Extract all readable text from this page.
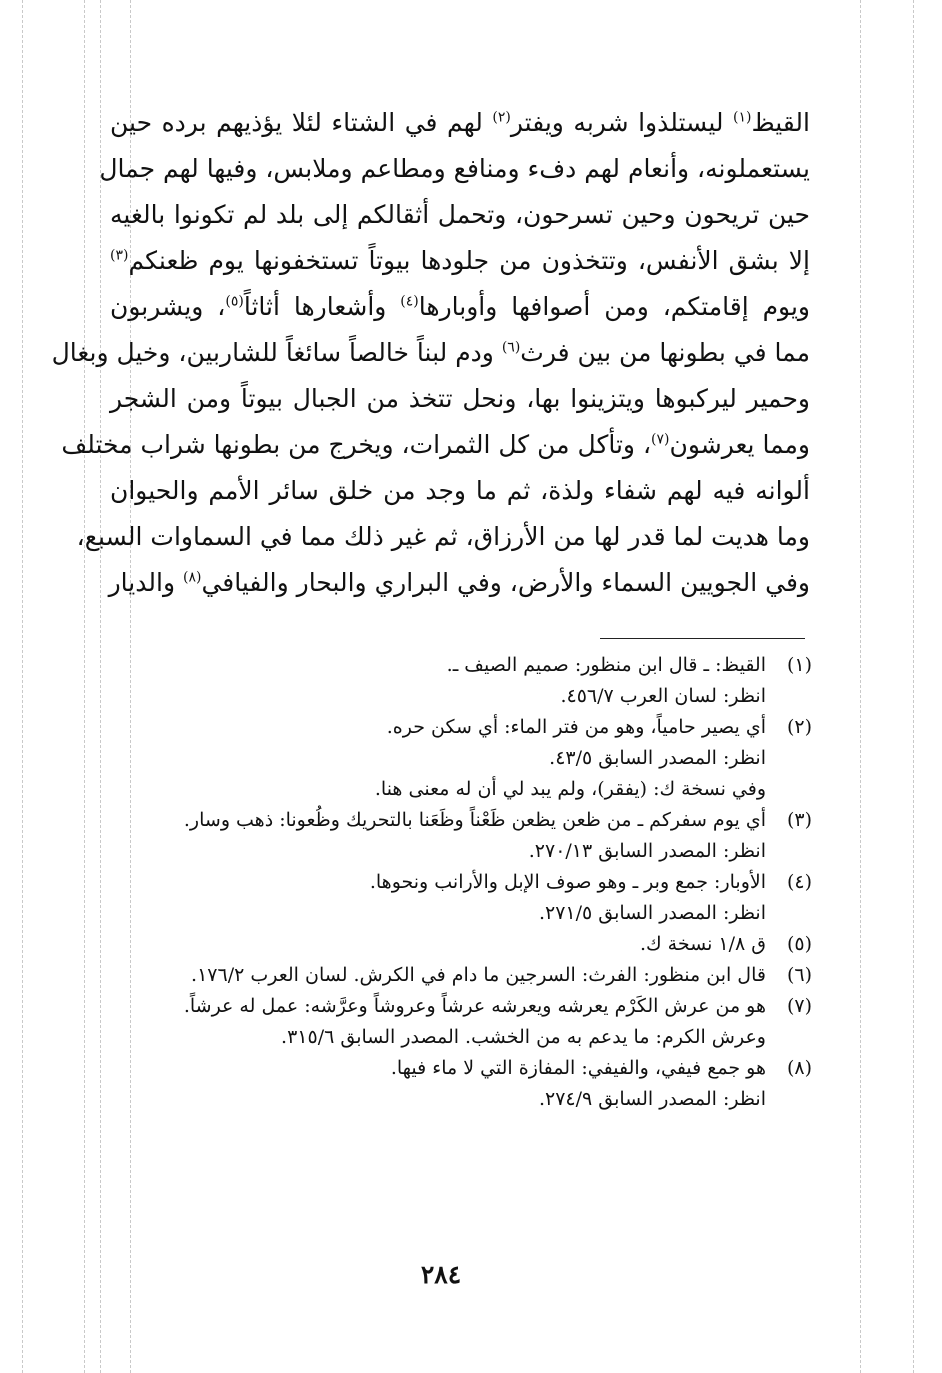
القيظ$^{(١)}$ ليستلذوا شربه ويفتر$^{(٢)}$ لهم في الشتاء لئلا يؤذيهم برده حين
يستعملونه، وأنعام لهم دفء ومنافع ومطاعم وملابس، وفيها لهم جمال
حين تريحون وحين تسرحون، وتحمل أثقالكم إلى بلد لم تكونوا بالغيه
إلا بشق الأنفس، وتتخذون من جلودها بيوتاً تستخفونها يوم ظعنكم$^{(٣)}$
ويوم إقامتكم، ومن أصوافها وأوبارها$^{(٤)}$ وأشعارها أثاثاً$^{(٥)}$، ويشربون
مما في بطونها من بين فرث$^{(٦)}$ ودم لبناً خالصاً سائغاً للشاربين، وخيل وبغال
وحمير ليركبوها ويتزينوا بها، ونحل تتخذ من الجبال بيوتاً ومن الشجر
ومما يعرشون$^{(٧)}$، وتأكل من كل الثمرات، ويخرج من بطونها شراب مختلف
ألوانه فيه لهم شفاء ولذة، ثم ما وجد من خلق سائر الأمم والحيوان
وما هديت لما قدر لها من الأرزاق، ثم غير ذلك مما في السماوات السبع،
وفي الجويين السماء والأرض، وفي البراري والبحار والفيافي$^{(٨)}$ والديار

(١)
القيظ: ـ قال ابن منظور: صميم الصيف ـ.
انظر: لسان العرب ٤٥٦/٧.
(٢)
أي يصير حامياً، وهو من فتر الماء: أي سكن حره.
انظر: المصدر السابق ٤٣/٥.
وفي نسخة ك: (يفقر)، ولم يبد لي أن له معنى هنا.
(٣)
أي يوم سفركم ـ من ظعن يظعن ظَعْناً وظَعَنا بالتحريك وظُعونا: ذهب وسار.
انظر: المصدر السابق ٢٧٠/١٣.
(٤)
الأوبار: جمع وبر ـ وهو صوف الإبل والأرانب ونحوها.
انظر: المصدر السابق ٢٧١/٥.
(٥)
ق ١/٨ نسخة ك.
(٦)
قال ابن منظور: الفرث: السرجين ما دام في الكرش. لسان العرب ١٧٦/٢.
(٧)
هو من عرش الكَرْم يعرشه ويعرشه عرشاً وعروشاً وعرَّشه: عمل له عرشاً.
وعرش الكرم: ما يدعم به من الخشب. المصدر السابق ٣١٥/٦.
(٨)
هو جمع فيفي، والفيفي: المفازة التي لا ماء فيها.
انظر: المصدر السابق ٢٧٤/٩.
٢٨٤
